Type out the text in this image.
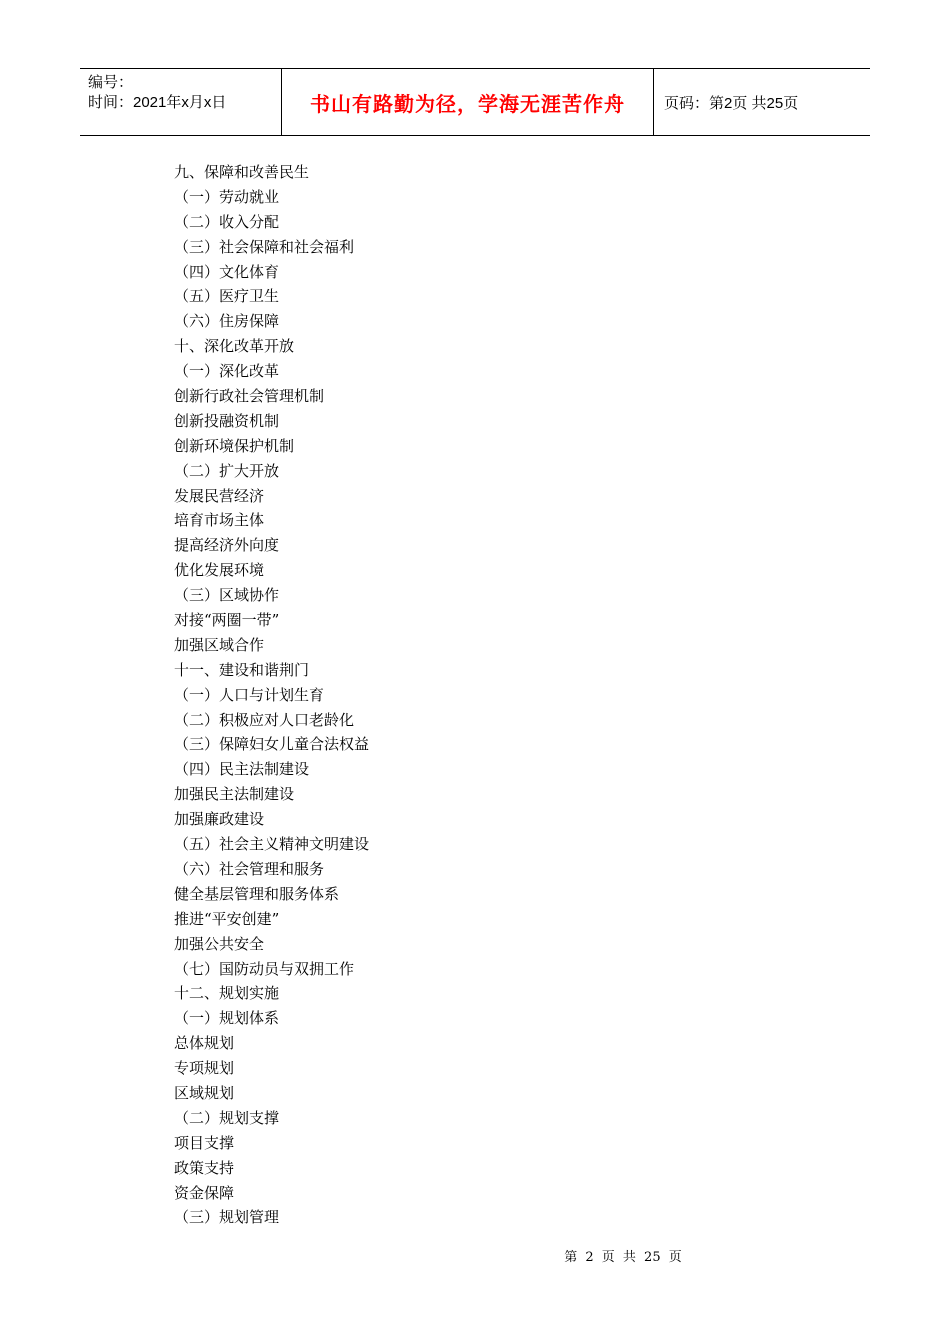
编号：
时间：2021年x月x日	书山有路勤为径，学海无涯苦作舟	页码：第2页 共25页
九、保障和改善民生
（一）劳动就业
（二）收入分配
（三）社会保障和社会福利
（四）文化体育
（五）医疗卫生
（六）住房保障
十、深化改革开放
（一）深化改革
创新行政社会管理机制
创新投融资机制
创新环境保护机制
（二）扩大开放
发展民营经济
培育市场主体
提高经济外向度
优化发展环境
（三）区域协作
对接“两圈一带”
加强区域合作
十一、建设和谐荆门
（一）人口与计划生育
（二）积极应对人口老龄化
（三）保障妇女儿童合法权益
（四）民主法制建设
加强民主法制建设
加强廉政建设
（五）社会主义精神文明建设
（六）社会管理和服务
健全基层管理和服务体系
推进“平安创建”
加强公共安全
（七）国防动员与双拥工作
十二、规划实施
（一）规划体系
总体规划
专项规划
区域规划
（二）规划支撑
项目支撑
政策支持
资金保障
（三）规划管理
第 2 页 共 25 页
